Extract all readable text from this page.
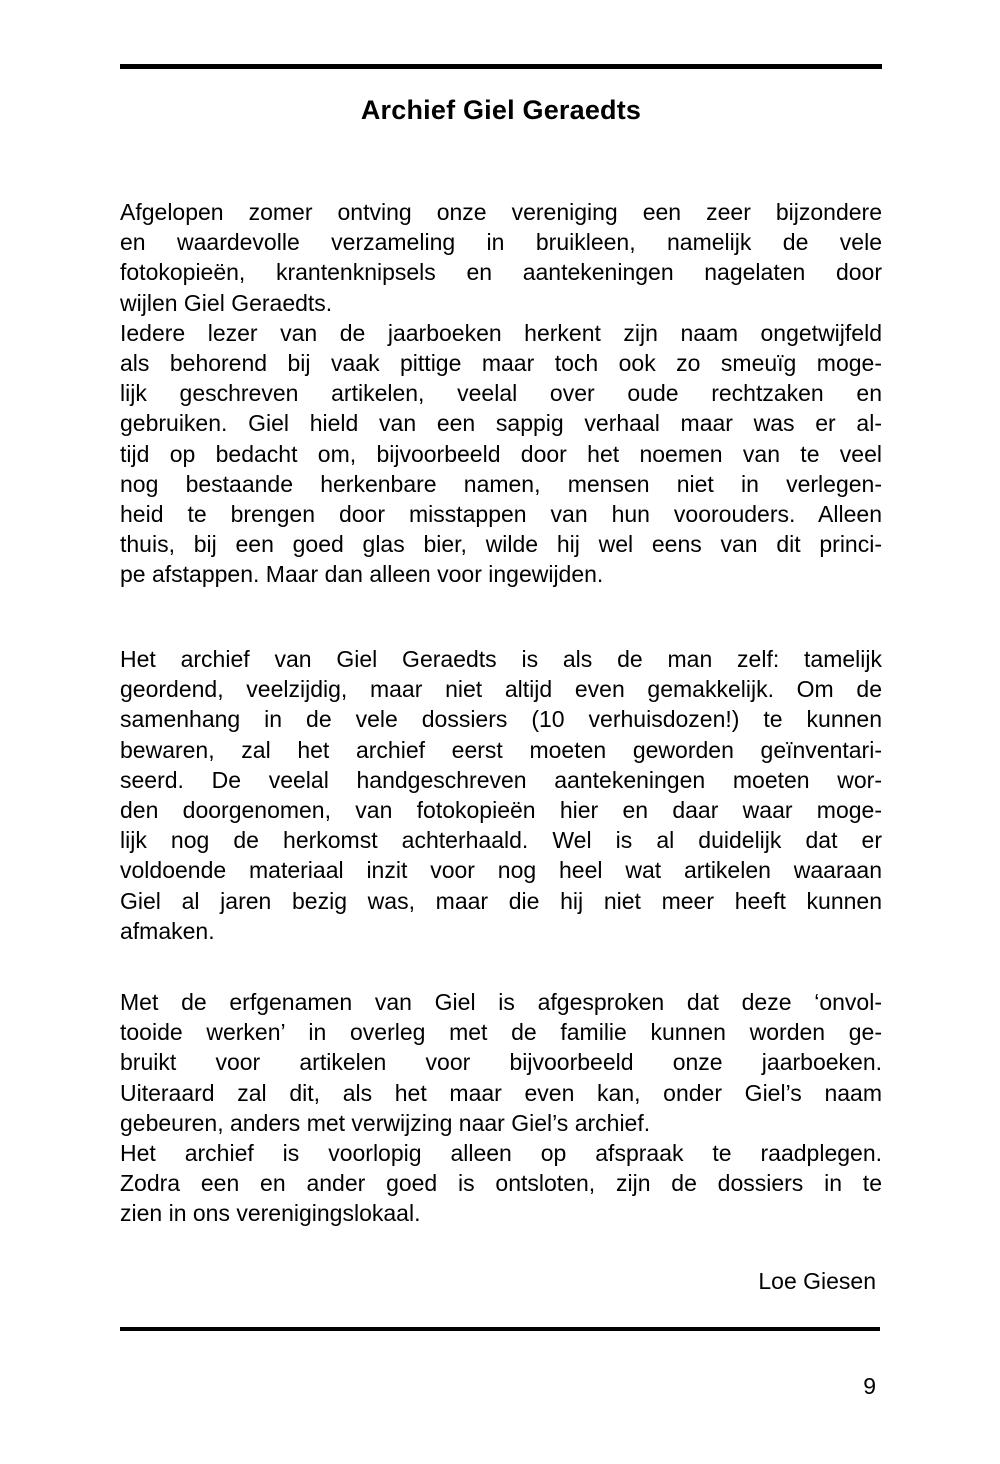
Archief Giel Geraedts

Afgelopen zomer ontving onze vereniging een zeer bijzondere
en waardevolle verzameling in bruikleen, namelijk de vele
fotokopieën, krantenknipsels en aantekeningen nagelaten door
wijlen Giel Geraedts.
Iedere lezer van de jaarboeken herkent zijn naam ongetwijfeld
als behorend bij vaak pittige maar toch ook zo smeuïg moge-
lijk geschreven artikelen, veelal over oude rechtzaken en
gebruiken. Giel hield van een sappig verhaal maar was er al-
tijd op bedacht om, bijvoorbeeld door het noemen van te veel
nog bestaande herkenbare namen, mensen niet in verlegen-
heid te brengen door misstappen van hun voorouders. Alleen
thuis, bij een goed glas bier, wilde hij wel eens van dit princi-
pe afstappen. Maar dan alleen voor ingewijden.

Het archief van Giel Geraedts is als de man zelf: tamelijk
geordend, veelzijdig, maar niet altijd even gemakkelijk. Om de
samenhang in de vele dossiers (10 verhuisdozen!) te kunnen
bewaren, zal het archief eerst moeten geworden geïnventari-
seerd. De veelal handgeschreven aantekeningen moeten wor-
den doorgenomen, van fotokopieën hier en daar waar moge-
lijk nog de herkomst achterhaald. Wel is al duidelijk dat er
voldoende materiaal inzit voor nog heel wat artikelen waaraan
Giel al jaren bezig was, maar die hij niet meer heeft kunnen
afmaken.

Met de erfgenamen van Giel is afgesproken dat deze ‘onvol-
tooide werken’ in overleg met de familie kunnen worden ge-
bruikt voor artikelen voor bijvoorbeeld onze jaarboeken.
Uiteraard zal dit, als het maar even kan, onder Giel’s naam
gebeuren, anders met verwijzing naar Giel’s archief.
Het archief is voorlopig alleen op afspraak te raadplegen.
Zodra een en ander goed is ontsloten, zijn de dossiers in te
zien in ons verenigingslokaal.

Loe Giesen

9
